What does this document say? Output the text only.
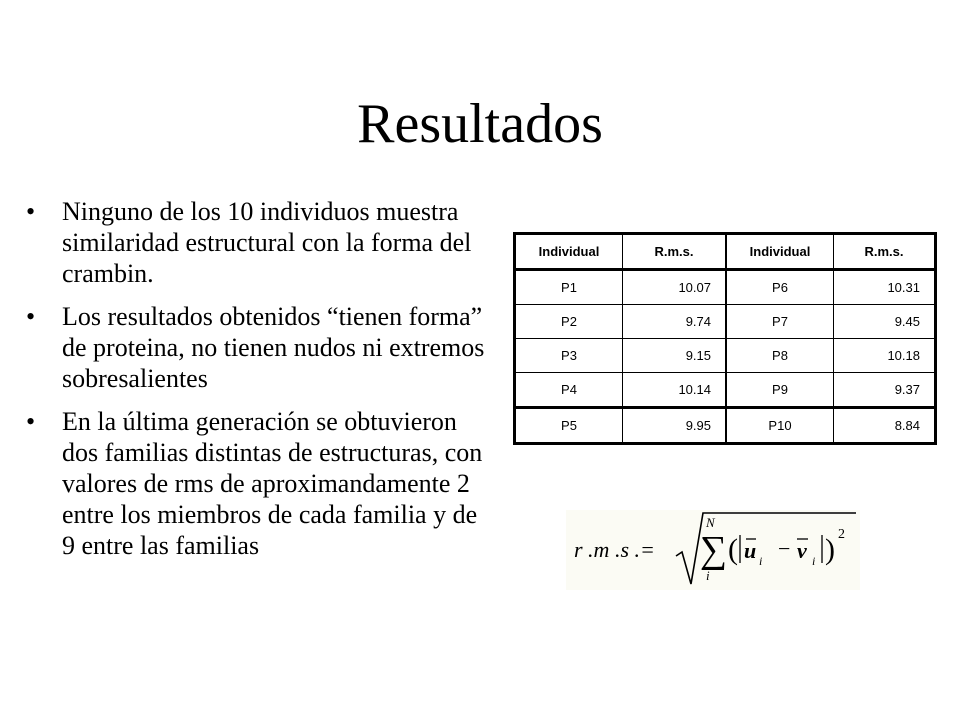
Resultados
• Ninguno de los 10 individuos muestra similaridad estructural con la forma del crambin.
• Los resultados obtenidos “tienen forma” de proteina, no tienen nudos ni extremos sobresalientes
• En la última generación se obtuvieron dos familias distintas de estructuras, con valores de rms de aproximandamente 2 entre los miembros de cada familia y de 9 entre las familias
Individual	R.m.s.	Individual	R.m.s.
P1	10.07	P6	10.31
P2	9.74	P7	9.45
P3	9.15	P8	10.18
P4	10.14	P9	9.37
P5	9.95	P10	8.84
r .m .s .=
N
∑
i
( u i − v i ) 2
